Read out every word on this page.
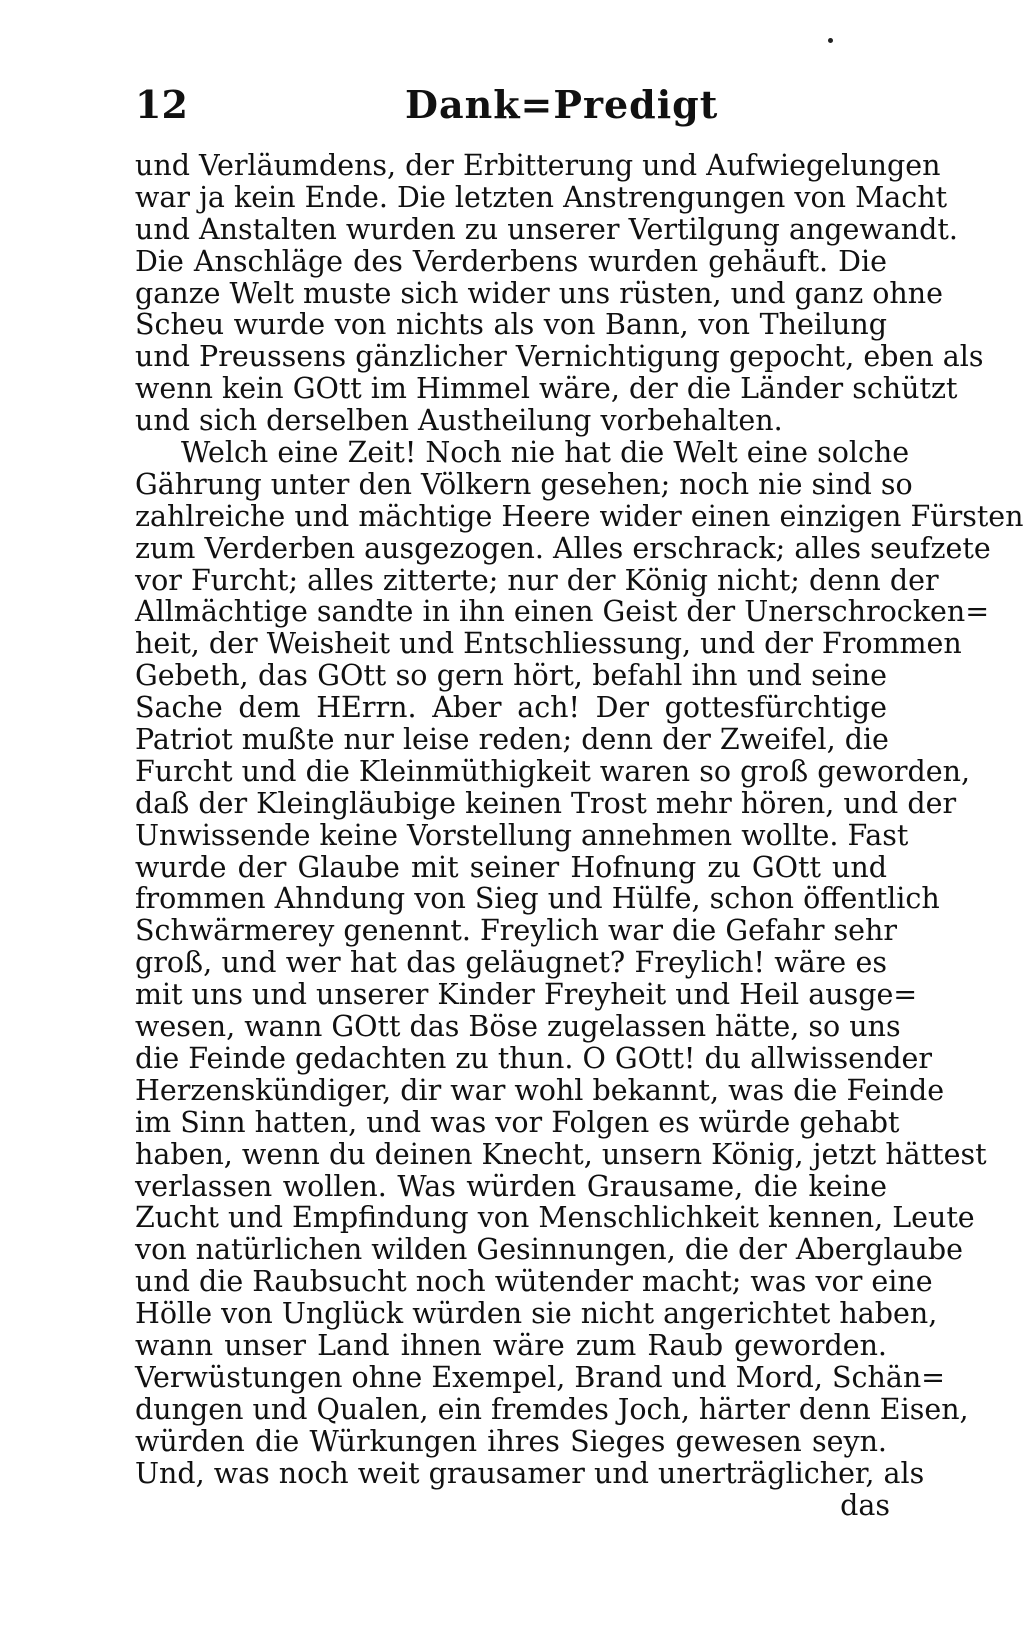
12	Dank=Predigt
und Verläumdens, der Erbitterung und Aufwiegelungen
war ja kein Ende. Die letzten Anstrengungen von Macht
und Anstalten wurden zu unserer Vertilgung angewandt.
Die Anschläge des Verderbens wurden gehäuft. Die
ganze Welt muste sich wider uns rüsten, und ganz ohne
Scheu wurde von nichts als von Bann, von Theilung
und Preussens gänzlicher Vernichtigung gepocht, eben als
wenn kein GOtt im Himmel wäre, der die Länder schützt
und sich derselben Austheilung vorbehalten.
Welch eine Zeit! Noch nie hat die Welt eine solche
Gährung unter den Völkern gesehen; noch nie sind so
zahlreiche und mächtige Heere wider einen einzigen Fürsten
zum Verderben ausgezogen. Alles erschrack; alles seufzete
vor Furcht; alles zitterte; nur der König nicht; denn der
Allmächtige sandte in ihn einen Geist der Unerschrocken=
heit, der Weisheit und Entschliessung, und der Frommen
Gebeth, das GOtt so gern hört, befahl ihn und seine
Sache dem HErrn. Aber ach! Der gottesfürchtige
Patriot mußte nur leise reden; denn der Zweifel, die
Furcht und die Kleinmüthigkeit waren so groß geworden,
daß der Kleingläubige keinen Trost mehr hören, und der
Unwissende keine Vorstellung annehmen wollte. Fast
wurde der Glaube mit seiner Hofnung zu GOtt und
frommen Ahndung von Sieg und Hülfe, schon öffentlich
Schwärmerey genennt. Freylich war die Gefahr sehr
groß, und wer hat das geläugnet? Freylich! wäre es
mit uns und unserer Kinder Freyheit und Heil ausge=
wesen, wann GOtt das Böse zugelassen hätte, so uns
die Feinde gedachten zu thun. O GOtt! du allwissender
Herzenskündiger, dir war wohl bekannt, was die Feinde
im Sinn hatten, und was vor Folgen es würde gehabt
haben, wenn du deinen Knecht, unsern König, jetzt hättest
verlassen wollen. Was würden Grausame, die keine
Zucht und Empfindung von Menschlichkeit kennen, Leute
von natürlichen wilden Gesinnungen, die der Aberglaube
und die Raubsucht noch wütender macht; was vor eine
Hölle von Unglück würden sie nicht angerichtet haben,
wann unser Land ihnen wäre zum Raub geworden.
Verwüstungen ohne Exempel, Brand und Mord, Schän=
dungen und Qualen, ein fremdes Joch, härter denn Eisen,
würden die Würkungen ihres Sieges gewesen seyn.
Und, was noch weit grausamer und unerträglicher, als
das
